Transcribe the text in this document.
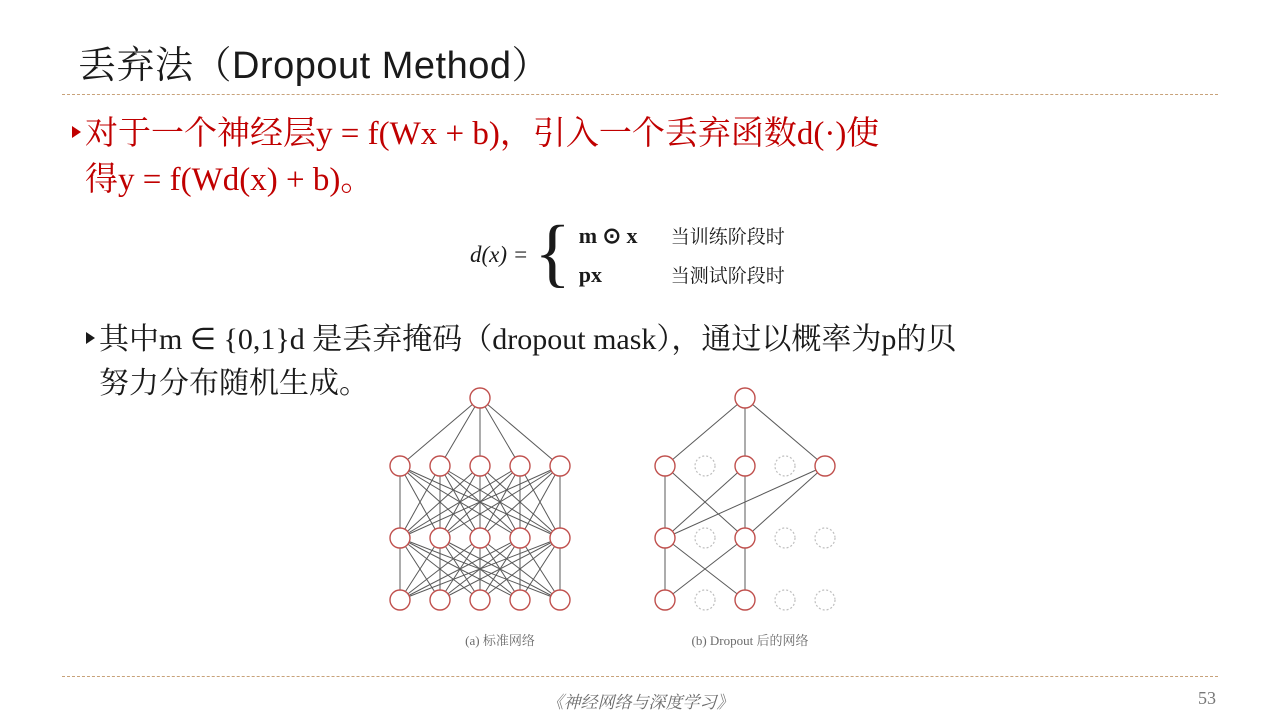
丢弃法（Dropout Method）
对于一个神经层y = f(Wx + b)，引入一个丢弃函数d(·)使
得y = f(Wd(x) + b)。
d(x) = { m ⊙ x	当训练阶段时
px	当测试阶段时
其中m ∈ {0,1}d 是丢弃掩码（dropout mask），通过以概率为p的贝
努力分布随机生成。
(a) 标准网络	(b) Dropout 后的网络
《神经网络与深度学习》	53
